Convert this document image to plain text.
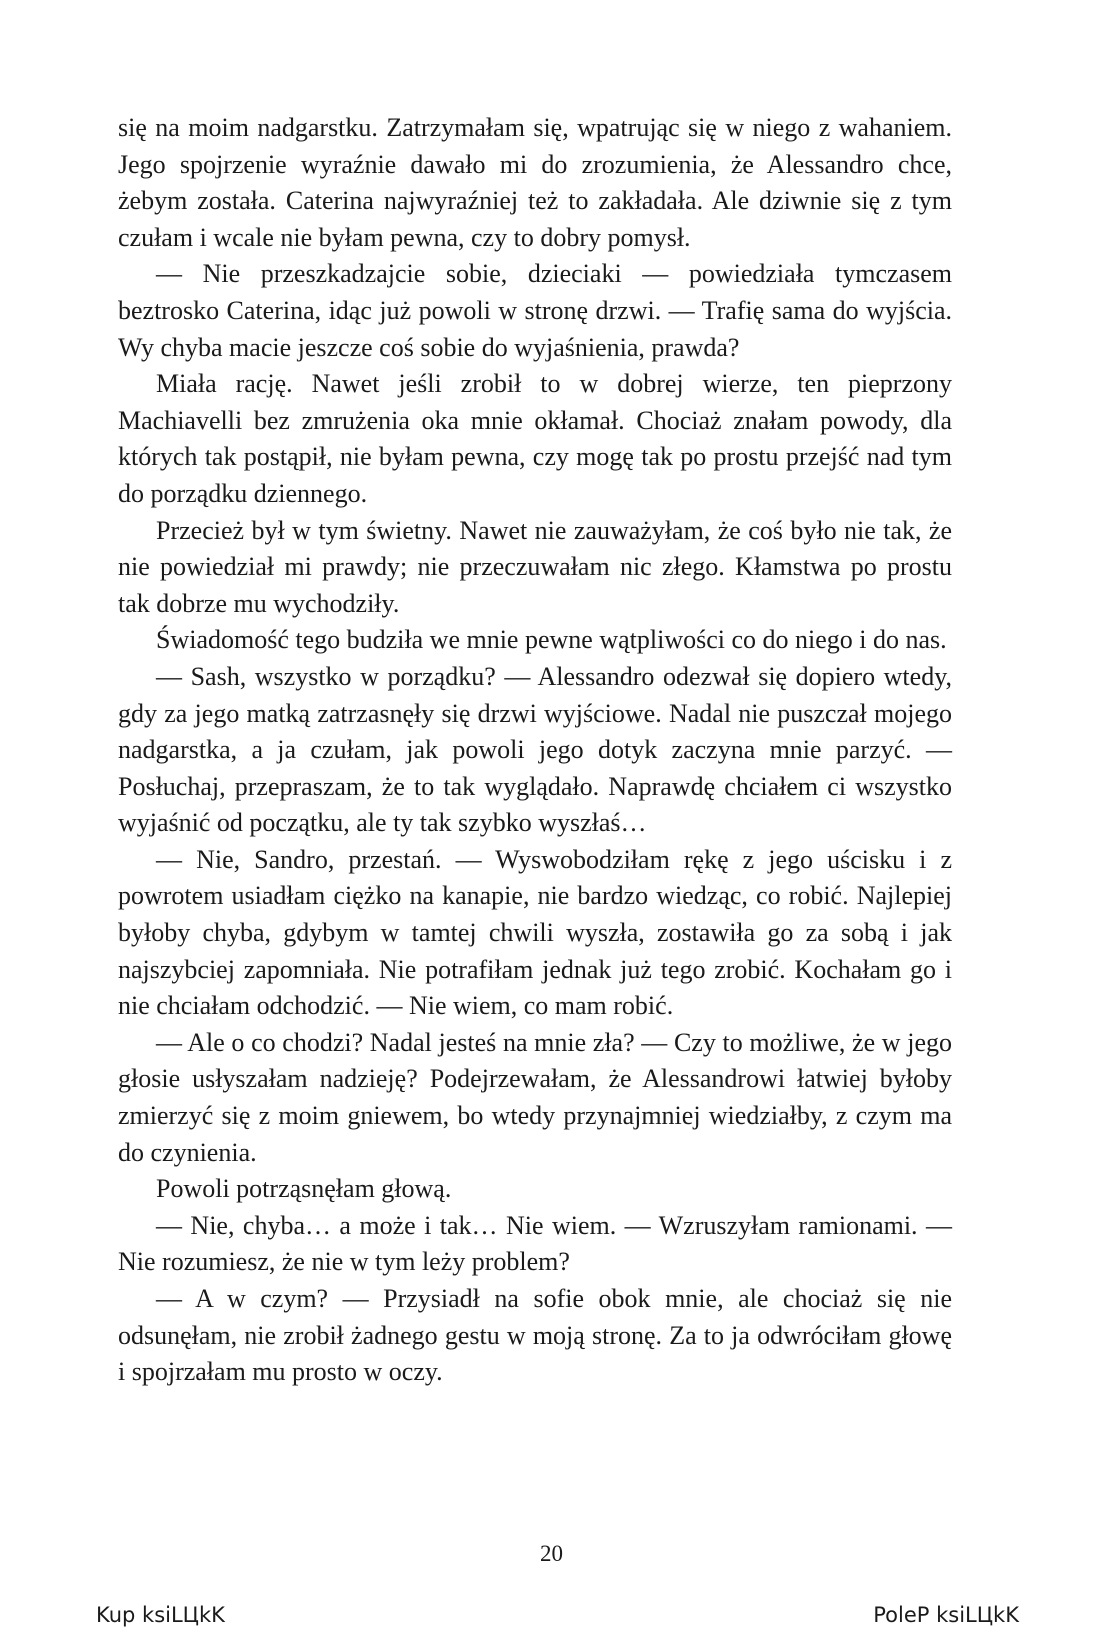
się na moim nadgarstku. Zatrzymałam się, wpatrując się w niego z wahaniem. Jego spojrzenie wyraźnie dawało mi do zrozumienia, że Alessandro chce, żebym została. Caterina najwyraźniej też to zakładała. Ale dziwnie się z tym czułam i wcale nie byłam pewna, czy to dobry pomysł.

— Nie przeszkadzajcie sobie, dzieciaki — powiedziała tymczasem beztrosko Caterina, idąc już powoli w stronę drzwi. — Trafię sama do wyjścia. Wy chyba macie jeszcze coś sobie do wyjaśnienia, prawda?

Miała rację. Nawet jeśli zrobił to w dobrej wierze, ten pieprzony Machiavelli bez zmrużenia oka mnie okłamał. Chociaż znałam powody, dla których tak postąpił, nie byłam pewna, czy mogę tak po prostu przejść nad tym do porządku dziennego.

Przecież był w tym świetny. Nawet nie zauważyłam, że coś było nie tak, że nie powiedział mi prawdy; nie przeczuwałam nic złego. Kłamstwa po prostu tak dobrze mu wychodziły.

Świadomość tego budziła we mnie pewne wątpliwości co do niego i do nas.

— Sash, wszystko w porządku? — Alessandro odezwał się dopiero wtedy, gdy za jego matką zatrzasnęły się drzwi wyjściowe. Nadal nie puszczał mojego nadgarstka, a ja czułam, jak powoli jego dotyk zaczyna mnie parzyć. — Posłuchaj, przepraszam, że to tak wyglądało. Naprawdę chciałem ci wszystko wyjaśnić od początku, ale ty tak szybko wyszłaś…

— Nie, Sandro, przestań. — Wyswobodziłam rękę z jego uścisku i z powrotem usiadłam ciężko na kanapie, nie bardzo wiedząc, co robić. Najlepiej byłoby chyba, gdybym w tamtej chwili wyszła, zostawiła go za sobą i jak najszybciej zapomniała. Nie potrafiłam jednak już tego zrobić. Kochałam go i nie chciałam odchodzić. — Nie wiem, co mam robić.

— Ale o co chodzi? Nadal jesteś na mnie zła? — Czy to możliwe, że w jego głosie usłyszałam nadzieję? Podejrzewałam, że Alessandrowi łatwiej byłoby zmierzyć się z moim gniewem, bo wtedy przynajmniej wiedziałby, z czym ma do czynienia.

Powoli potrząsnęłam głową.

— Nie, chyba… a może i tak… Nie wiem. — Wzruszyłam ramionami. — Nie rozumiesz, że nie w tym leży problem?

— A w czym? — Przysiadł na sofie obok mnie, ale chociaż się nie odsunęłam, nie zrobił żadnego gestu w moją stronę. Za to ja odwróciłam głowę i spojrzałam mu prosto w oczy.

20
Kup ksiLЦkK	PoleP ksiLЦkK
